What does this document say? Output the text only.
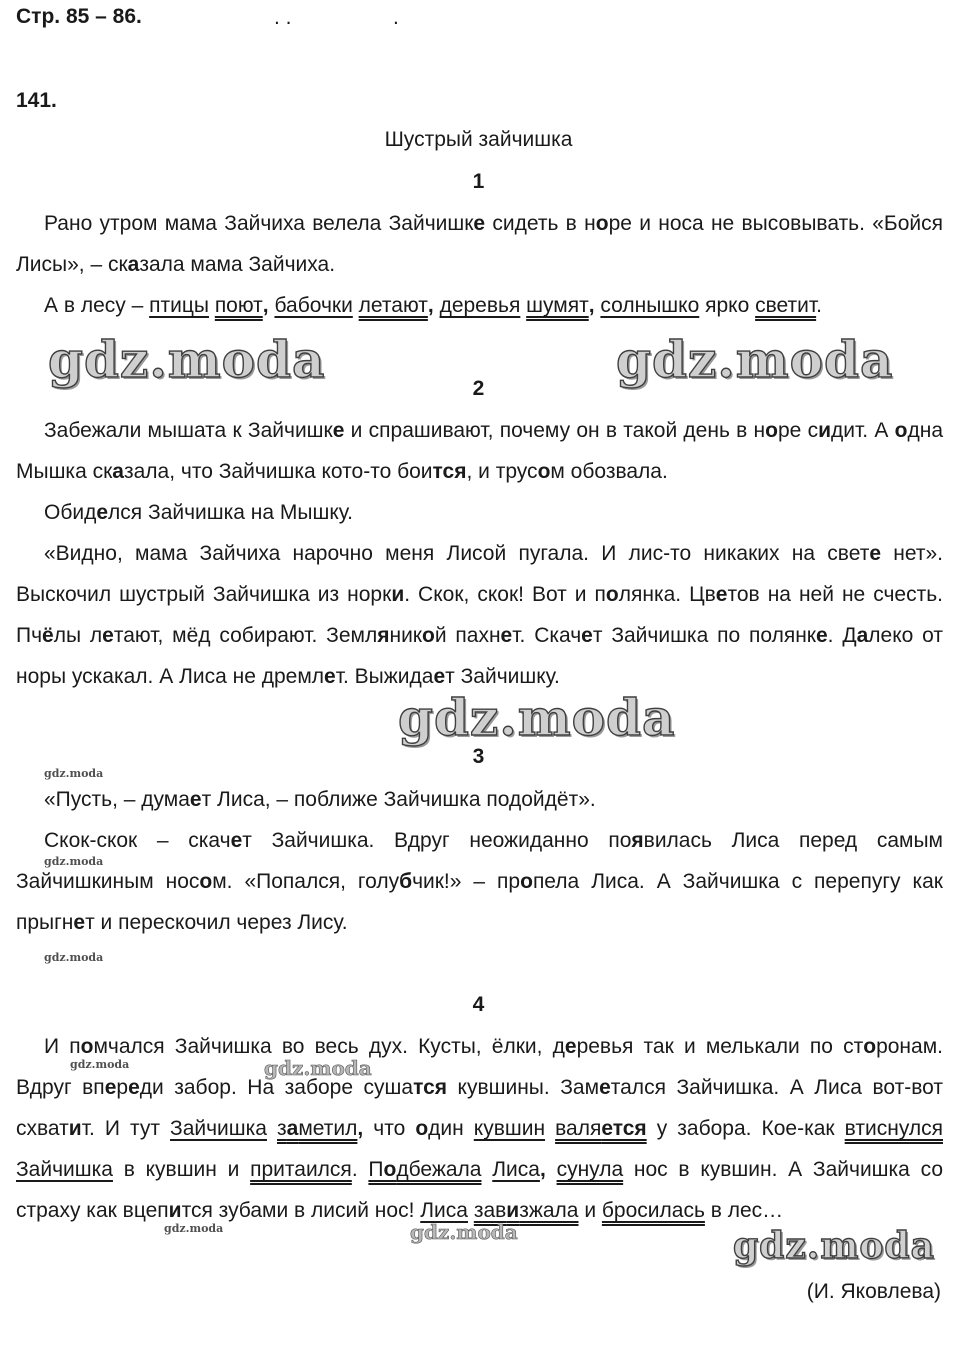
Стр. 85 – 86.	. .	.
141.
Шустрый зайчишка
1
Рано утром мама Зайчиха велела Зайчишке сидеть в норе и носа не высовывать. «Бойся Лисы», – сказала мама Зайчиха.
А в лесу – птицы поют, бабочки летают, деревья шумят, солнышко ярко светит.
gdz.moda	gdz.moda
2
Забежали мышата к Зайчишке и спрашивают, почему он в такой день в норе сидит. А одна Мышка сказала, что Зайчишка кото-то боится, и трусом обозвала.
Обиделся Зайчишка на Мышку.
«Видно, мама Зайчиха нарочно меня Лисой пугала. И лис-то никаких на свете нет». Выскочил шустрый Зайчишка из норки. Скок, скок! Вот и полянка. Цветов на ней не счесть. Пчёлы летают, мёд собирают. Земляникой пахнет. Скачет Зайчишка по полянке. Далеко от норы ускакал. А Лиса не дремлет. Выжидает Зайчишку.
gdz.moda
3
gdz.moda
«Пусть, – думает Лиса, – поближе Зайчишка подойдёт».
Скок-скок – скачет Зайчишка. Вдруг неожиданно появилась Лиса перед самым Зайчишкиным носом. «Попался, голубчик!» – пропела Лиса. А Зайчишка с перепугу как прыгнет и перескочил через Лису.
gdz.moda
gdz.moda
4
И помчался Зайчишка во весь дух. Кусты, ёлки, деревья так и мелькали по сторонам. Вдруг впереди забор. На заборе сушатся кувшины. Заметался Зайчишка. А Лиса вот-вот схватит. И тут Зайчишка заметил, что один кувшин валяется у забора. Кое-как втиснулся Зайчишка в кувшин и притаился. Подбежала Лиса, сунула нос в кувшин. А Зайчишка со страху как вцепится зубами в лисий нос! Лиса завизжала и бросилась в лес…
gdz.moda	gdz.moda
gdz.moda	gdz.moda	gdz.moda
(И. Яковлева)
